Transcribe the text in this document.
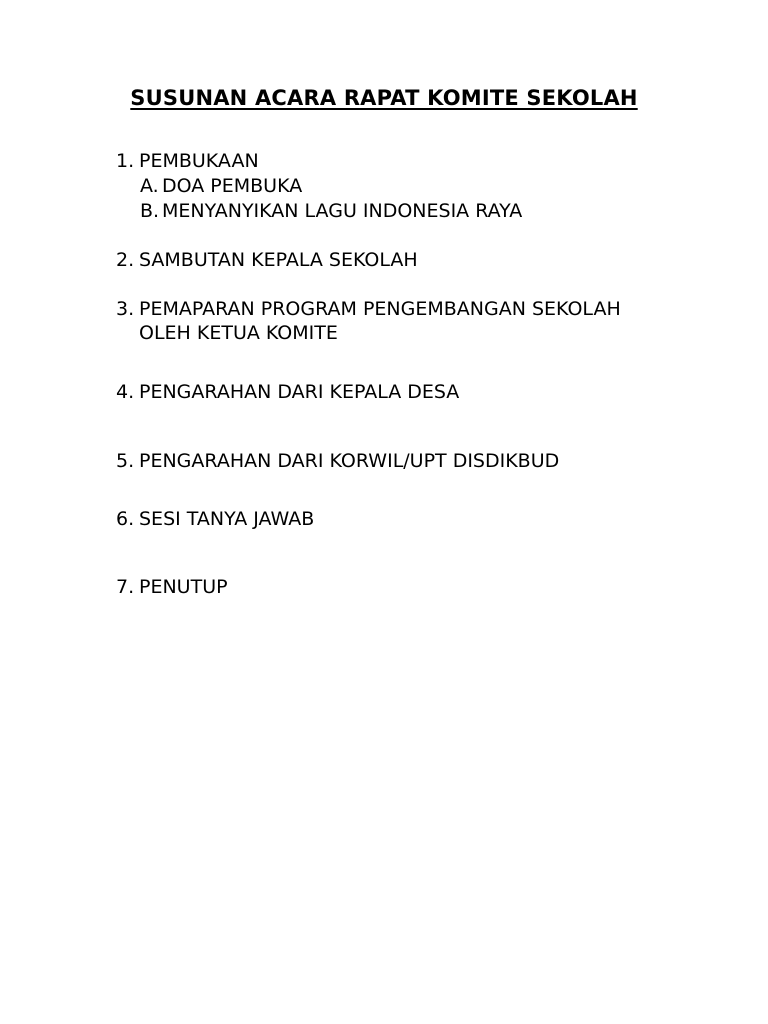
SUSUNAN ACARA RAPAT KOMITE SEKOLAH
1. PEMBUKAAN
A. DOA PEMBUKA
B. MENYANYIKAN LAGU INDONESIA RAYA
2. SAMBUTAN KEPALA SEKOLAH
3. PEMAPARAN PROGRAM PENGEMBANGAN SEKOLAH
OLEH KETUA KOMITE
4. PENGARAHAN DARI KEPALA DESA
5. PENGARAHAN DARI KORWIL/UPT DISDIKBUD
6. SESI TANYA JAWAB
7. PENUTUP
